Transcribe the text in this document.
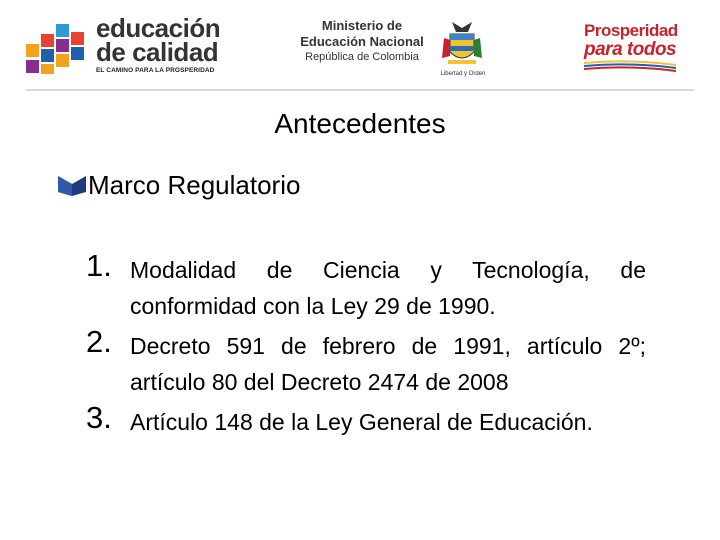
educación
de calidad
EL CAMINO PARA LA PROSPERIDAD
Ministerio de
Educación Nacional
República de Colombia
Libertad y Orden
Prosperidad
para todos
Antecedentes
Marco Regulatorio
1. Modalidad de Ciencia y Tecnología, de conformidad con la Ley 29 de 1990.
2. Decreto 591 de febrero de 1991, artículo 2º; artículo 80 del Decreto 2474 de 2008
3. Artículo 148 de la Ley General de Educación.
